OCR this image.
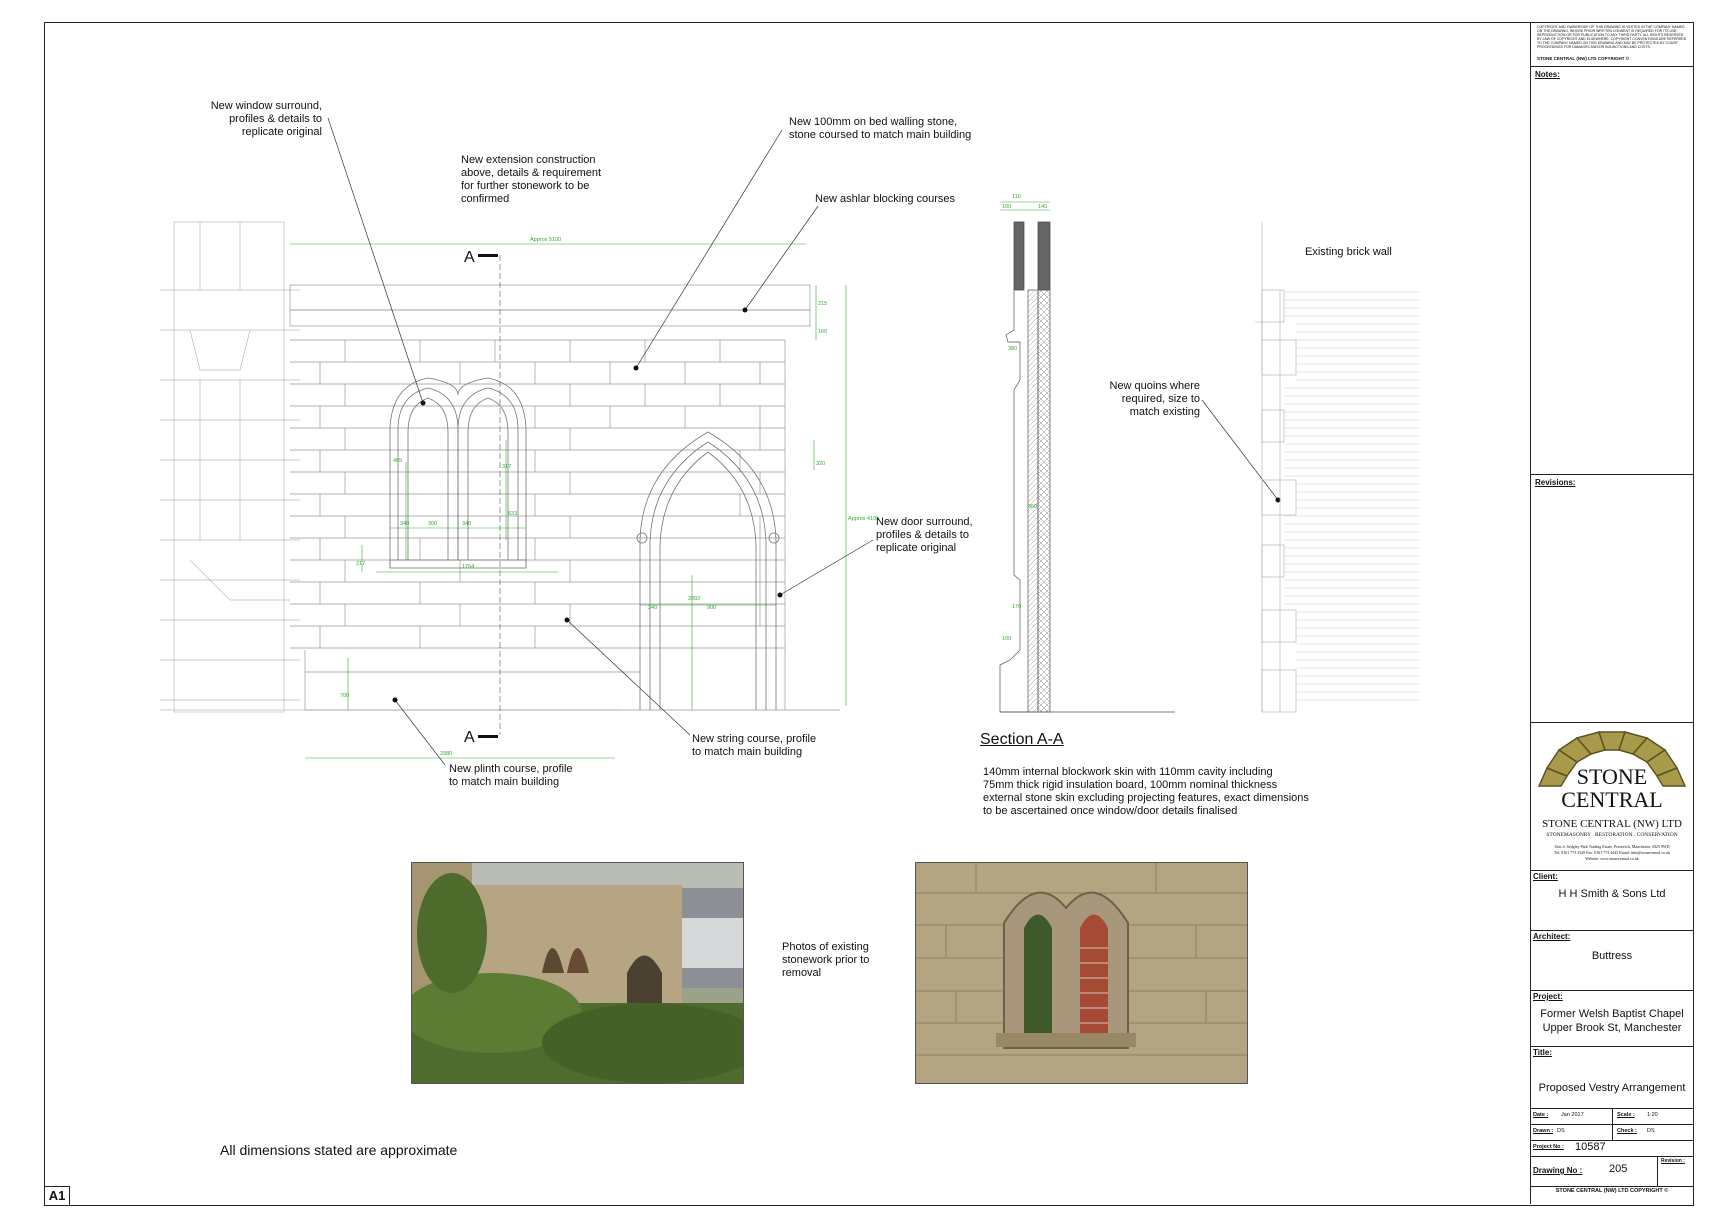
A1
A
A
Approx 5100
405
340	300	340
317
633
1764
217
340
2892
900
320
Approx 4105
700
2980
215
160
110
100	140
380
360
170
100
New window surround,
profiles & details to
replicate original
New extension construction
above, details & requirement
for further stonework to be
confirmed
New 100mm on bed walling stone,
stone coursed to match main building
New ashlar blocking courses
New door surround,
profiles & details to
replicate original
New string course, profile
to match main building
New plinth course, profile
to match main building
New quoins where
required, size to
match existing
Existing brick wall
Section A-A
140mm internal blockwork skin with 110mm cavity including
75mm thick rigid insulation board, 100mm nominal thickness
external stone skin excluding projecting features, exact dimensions
to be ascertained once window/door details finalised
Photos of existing
stonework prior to
removal
All dimensions stated are approximate
COPYRIGHT AND OWNERSHIP OF THIS DRAWING IS VESTED IN THE COMPANY NAMED ON THE DRAWING, WHOSE PRIOR WRITTEN CONSENT IS REQUIRED FOR ITS USE, REPRODUCTION OR FOR PUBLICATION TO ANY THIRD PARTY. ALL RIGHTS RESERVED BY LAW OF COPYRIGHT AND ELSEWHERE. COPYRIGHT CONVENTIONS ARE REFERRED TO THE COMPANY NAMED ON THIS DRAWING AND MAY BE PROTECTED BY COURT PROCEEDINGS FOR DAMAGES AND/OR INJUNCTIONS AND COSTS.
STONE CENTRAL (NW) LTD COPYRIGHT ©
Notes:
Revisions:
STONE
CENTRAL
STONE CENTRAL (NW) LTD
STONEMASONRY . RESTORATION . CONSERVATION
Unit 4, Sedgley Park Trading Estate, Prestwich, Manchester, M25 9WD
Tel: 0161 773 3349 Fax: 0161 773 4443 Email: info@stonecentral.co.uk
Website: www.stonecentral.co.uk
Client:
H H Smith & Sons Ltd
Architect:
Buttress
Project:
Former Welsh Baptist Chapel
Upper Brook St, Manchester
Title:
Proposed Vestry Arrangement
Date : Jan 2017	Scale : 1:20
Drawn : DS	Check : DS
Project No : 10587
Drawing No : 205
Revision :
STONE CENTRAL (NW) LTD COPYRIGHT ©
